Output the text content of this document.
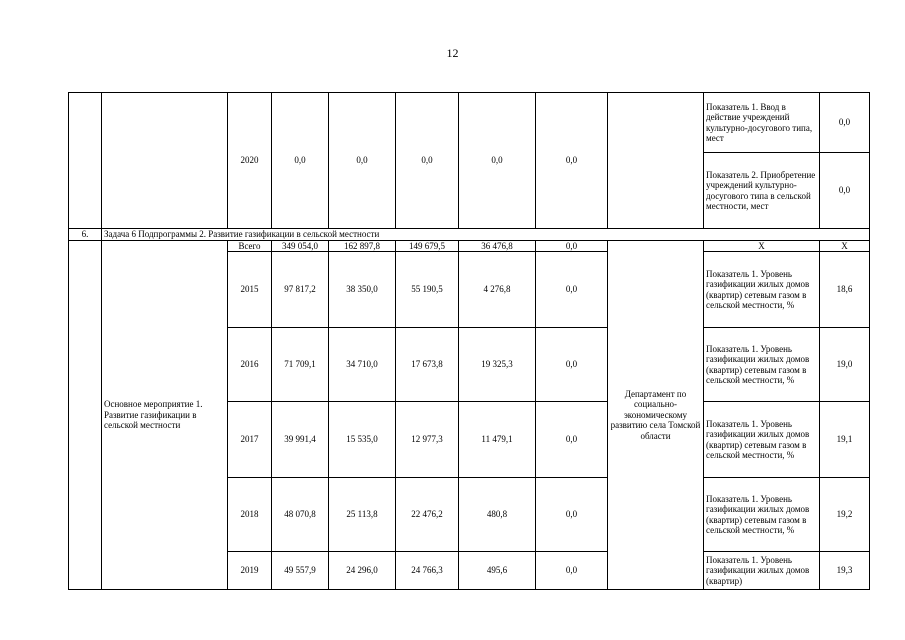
12
		2020	0,0	0,0	0,0	0,0	0,0		Показатель 1. Ввод в действие учреждений культурно-досугового типа, мест	0,0
									Показатель 2. Приобретение учреждений культурно-досугового типа в сельской местности, мест	0,0
6.	Задача 6 Подпрограммы 2. Развитие газификации в сельской местности									
	Основное мероприятие 1. Развитие газификации в сельской местности	Всего	349 054,0	162 897,8	149 679,5	36 476,8	0,0	Департамент по социально-экономическому развитию села Томской области	Х	Х
		2015	97 817,2	38 350,0	55 190,5	4 276,8	0,0		Показатель 1. Уровень газификации жилых домов (квартир) сетевым газом в сельской местности, %	18,6
		2016	71 709,1	34 710,0	17 673,8	19 325,3	0,0		Показатель 1. Уровень газификации жилых домов (квартир) сетевым газом в сельской местности, %	19,0
		2017	39 991,4	15 535,0	12 977,3	11 479,1	0,0		Показатель 1. Уровень газификации жилых домов (квартир) сетевым газом в сельской местности, %	19,1
		2018	48 070,8	25 113,8	22 476,2	480,8	0,0		Показатель 1. Уровень газификации жилых домов (квартир) сетевым газом в сельской местности, %	19,2
		2019	49 557,9	24 296,0	24 766,3	495,6	0,0		Показатель 1. Уровень газификации жилых домов (квартир)	19,3
